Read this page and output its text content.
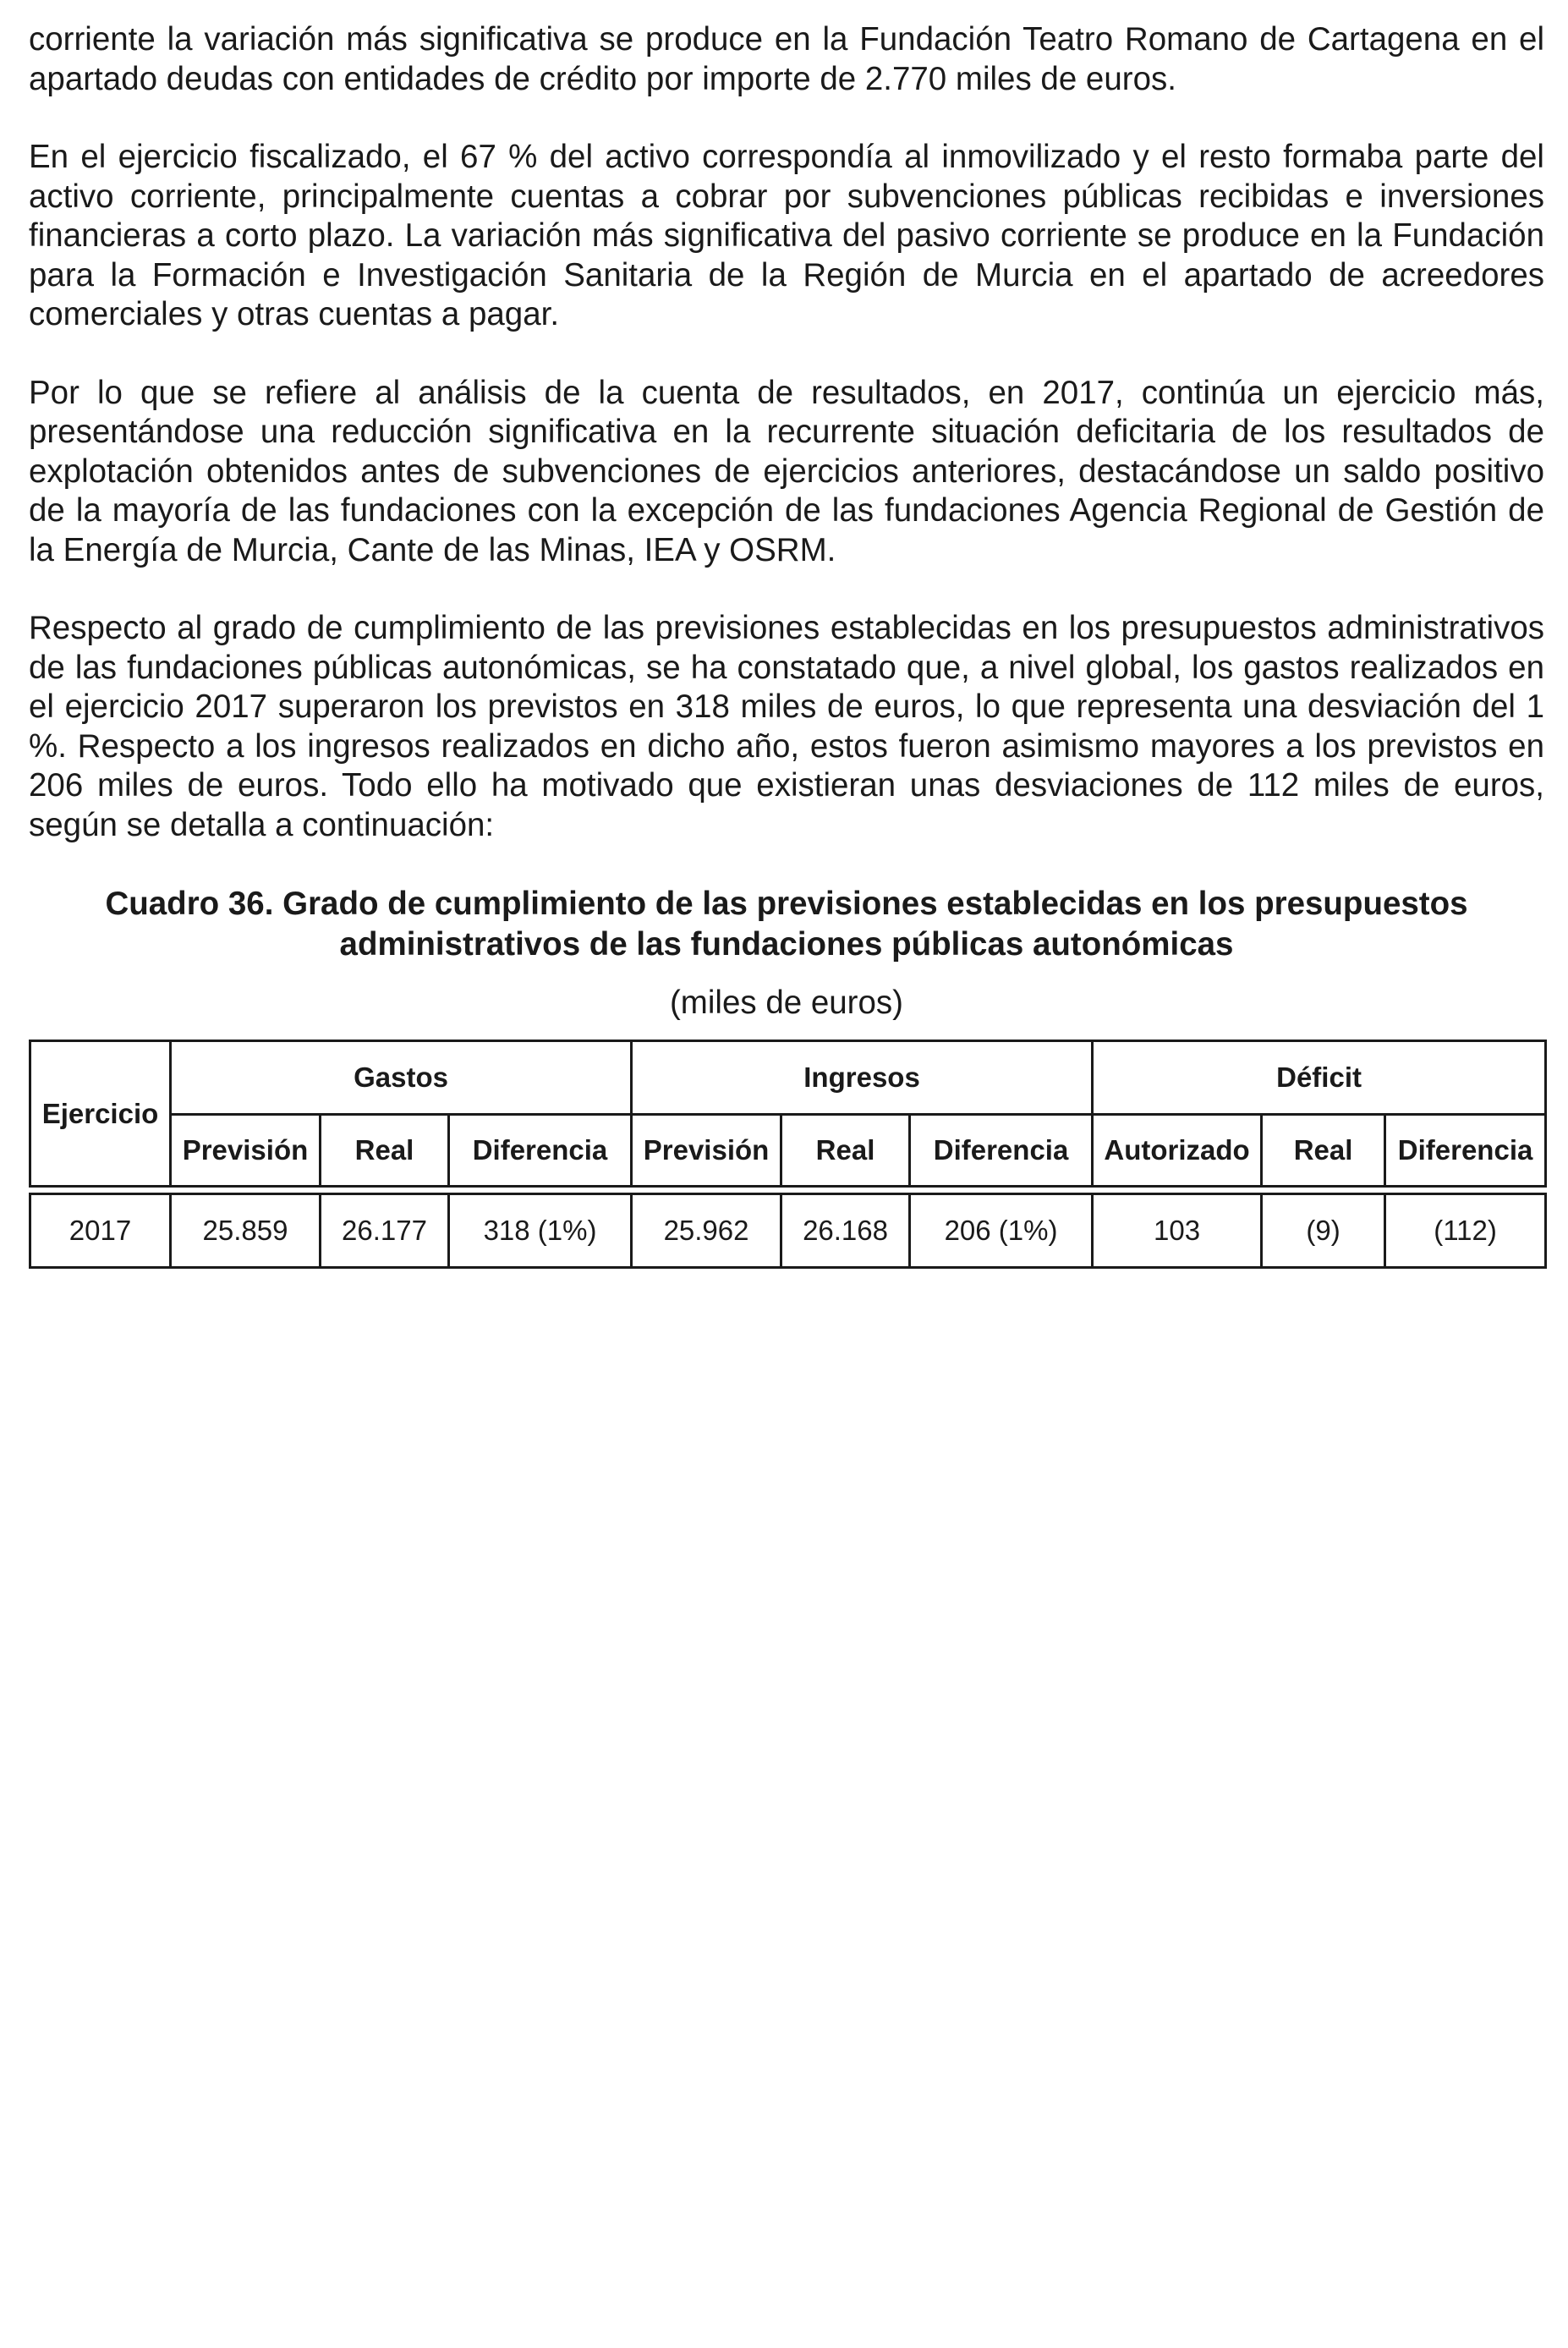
corriente la variación más significativa se produce en la Fundación Teatro Romano de Cartagena en el apartado deudas con entidades de crédito por importe de 2.770 miles de euros.

En el ejercicio fiscalizado, el 67 % del activo correspondía al inmovilizado y el resto formaba parte del activo corriente, principalmente cuentas a cobrar por subvenciones públicas recibidas e inversiones financieras a corto plazo. La variación más significativa del pasivo corriente se produce en la Fundación para la Formación e Investigación Sanitaria de la Región de Murcia en el apartado de acreedores comerciales y otras cuentas a pagar.

Por lo que se refiere al análisis de la cuenta de resultados, en 2017, continúa un ejercicio más, presentándose una reducción significativa en la recurrente situación deficitaria de los resultados de explotación obtenidos antes de subvenciones de ejercicios anteriores, destacándose un saldo positivo de la mayoría de las fundaciones con la excepción de las fundaciones Agencia Regional de Gestión de la Energía de Murcia, Cante de las Minas, IEA y OSRM.

Respecto al grado de cumplimiento de las previsiones establecidas en los presupuestos administrativos de las fundaciones públicas autonómicas, se ha constatado que, a nivel global, los gastos realizados en el ejercicio 2017 superaron los previstos en 318 miles de euros, lo que representa una desviación del 1 %. Respecto a los ingresos realizados en dicho año, estos fueron asimismo mayores a los previstos en 206 miles de euros. Todo ello ha motivado que existieran unas desviaciones de 112 miles de euros, según se detalla a continuación:

Cuadro 36. Grado de cumplimiento de las previsiones establecidas en los presupuestos
administrativos de las fundaciones públicas autonómicas
(miles de euros)
Ejercicio	Gastos			Ingresos			Déficit		
	Previsión	Real	Diferencia	Previsión	Real	Diferencia	Autorizado	Real	Diferencia

2017	25.859	26.177	318 (1%)	25.962	26.168	206 (1%)	103	(9)	(112)
